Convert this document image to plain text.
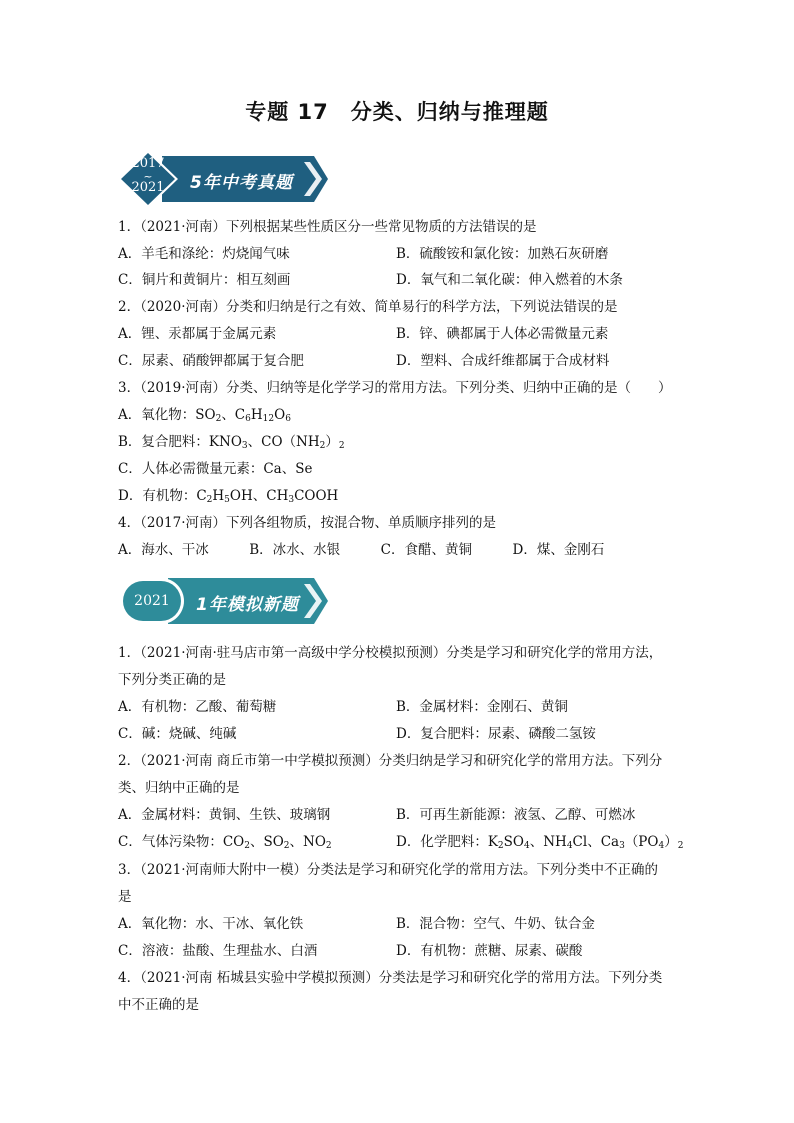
专题 17　分类、归纳与推理题
2017
~
2021	5年中考真题
1．（2021·河南）下列根据某些性质区分一些常见物质的方法错误的是
A．羊毛和涤纶：灼烧闻气味	B．硫酸铵和氯化铵：加熟石灰研磨
C．铜片和黄铜片：相互刻画	D．氧气和二氧化碳：伸入燃着的木条
2．（2020·河南）分类和归纳是行之有效、简单易行的科学方法，下列说法错误的是
A．锂、汞都属于金属元素	B．锌、碘都属于人体必需微量元素
C．尿素、硝酸钾都属于复合肥	D．塑料、合成纤维都属于合成材料
3．（2019·河南）分类、归纳等是化学学习的常用方法。下列分类、归纳中正确的是（　　）
A．氧化物：$SO_2$、$C_6H_{12}O_6$
B．复合肥料：$KNO_3$、$CO(NH_2)_2$
C．人体必需微量元素：Ca、Se
D．有机物：$C_2H_5OH$、$CH_3COOH$
4．（2017·河南）下列各组物质，按混合物、单质顺序排列的是
A．海水、干冰　　　B．冰水、水银　　　C．食醋、黄铜　　　D．煤、金刚石
2021	1年模拟新题
1．（2021·河南·驻马店市第一高级中学分校模拟预测）分类是学习和研究化学的常用方法，
下列分类正确的是
A．有机物：乙酸、葡萄糖	B．金属材料：金刚石、黄铜
C．碱：烧碱、纯碱	D．复合肥料：尿素、磷酸二氢铵
2．（2021·河南 商丘市第一中学模拟预测）分类归纳是学习和研究化学的常用方法。下列分
类、归纳中正确的是
A．金属材料：黄铜、生铁、玻璃钢	B．可再生新能源：液氢、乙醇、可燃冰
C．气体污染物：$CO_2$、$SO_2$、$NO_2$	D．化学肥料：$K_2SO_4$、$NH_4Cl$、$Ca_3(PO_4)_2$
3．（2021·河南师大附中一模）分类法是学习和研究化学的常用方法。下列分类中不正确的
是
A．氧化物：水、干冰、氧化铁	B．混合物：空气、牛奶、钛合金
C．溶液：盐酸、生理盐水、白酒	D．有机物：蔗糖、尿素、碳酸
4．（2021·河南 柘城县实验中学模拟预测）分类法是学习和研究化学的常用方法。下列分类
中不正确的是
